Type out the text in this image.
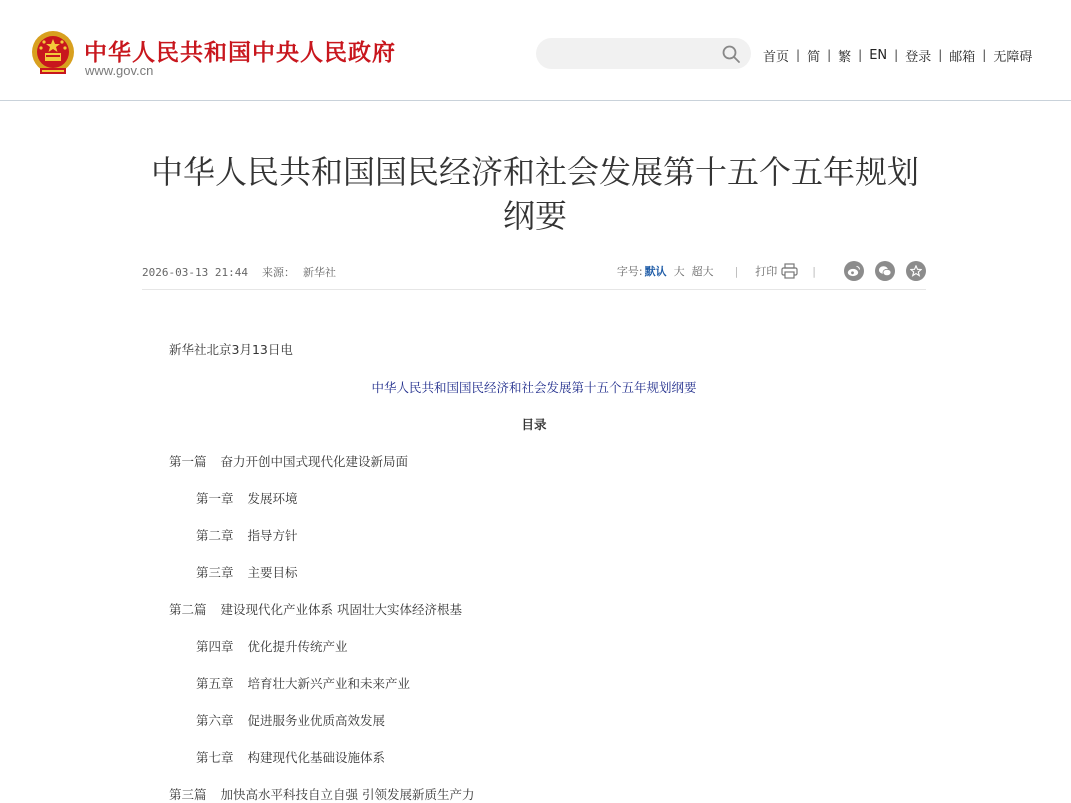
中华人民共和国中央人民政府
www.gov.cn
首页 | 简 | 繁 | EN | 登录 | 邮箱 | 无障碍
中华人民共和国国民经济和社会发展第十五个五年规划纲要
2026-03-13 21:44 来源： 新华社	字号: 默认 大 超大 | 打印	|
新华社北京3月13日电
中华人民共和国国民经济和社会发展第十五个五年规划纲要
目录
第一篇 奋力开创中国式现代化建设新局面
第一章 发展环境
第二章 指导方针
第三章 主要目标
第二篇 建设现代化产业体系 巩固壮大实体经济根基
第四章 优化提升传统产业
第五章 培育壮大新兴产业和未来产业
第六章 促进服务业优质高效发展
第七章 构建现代化基础设施体系
第三篇 加快高水平科技自立自强 引领发展新质生产力
